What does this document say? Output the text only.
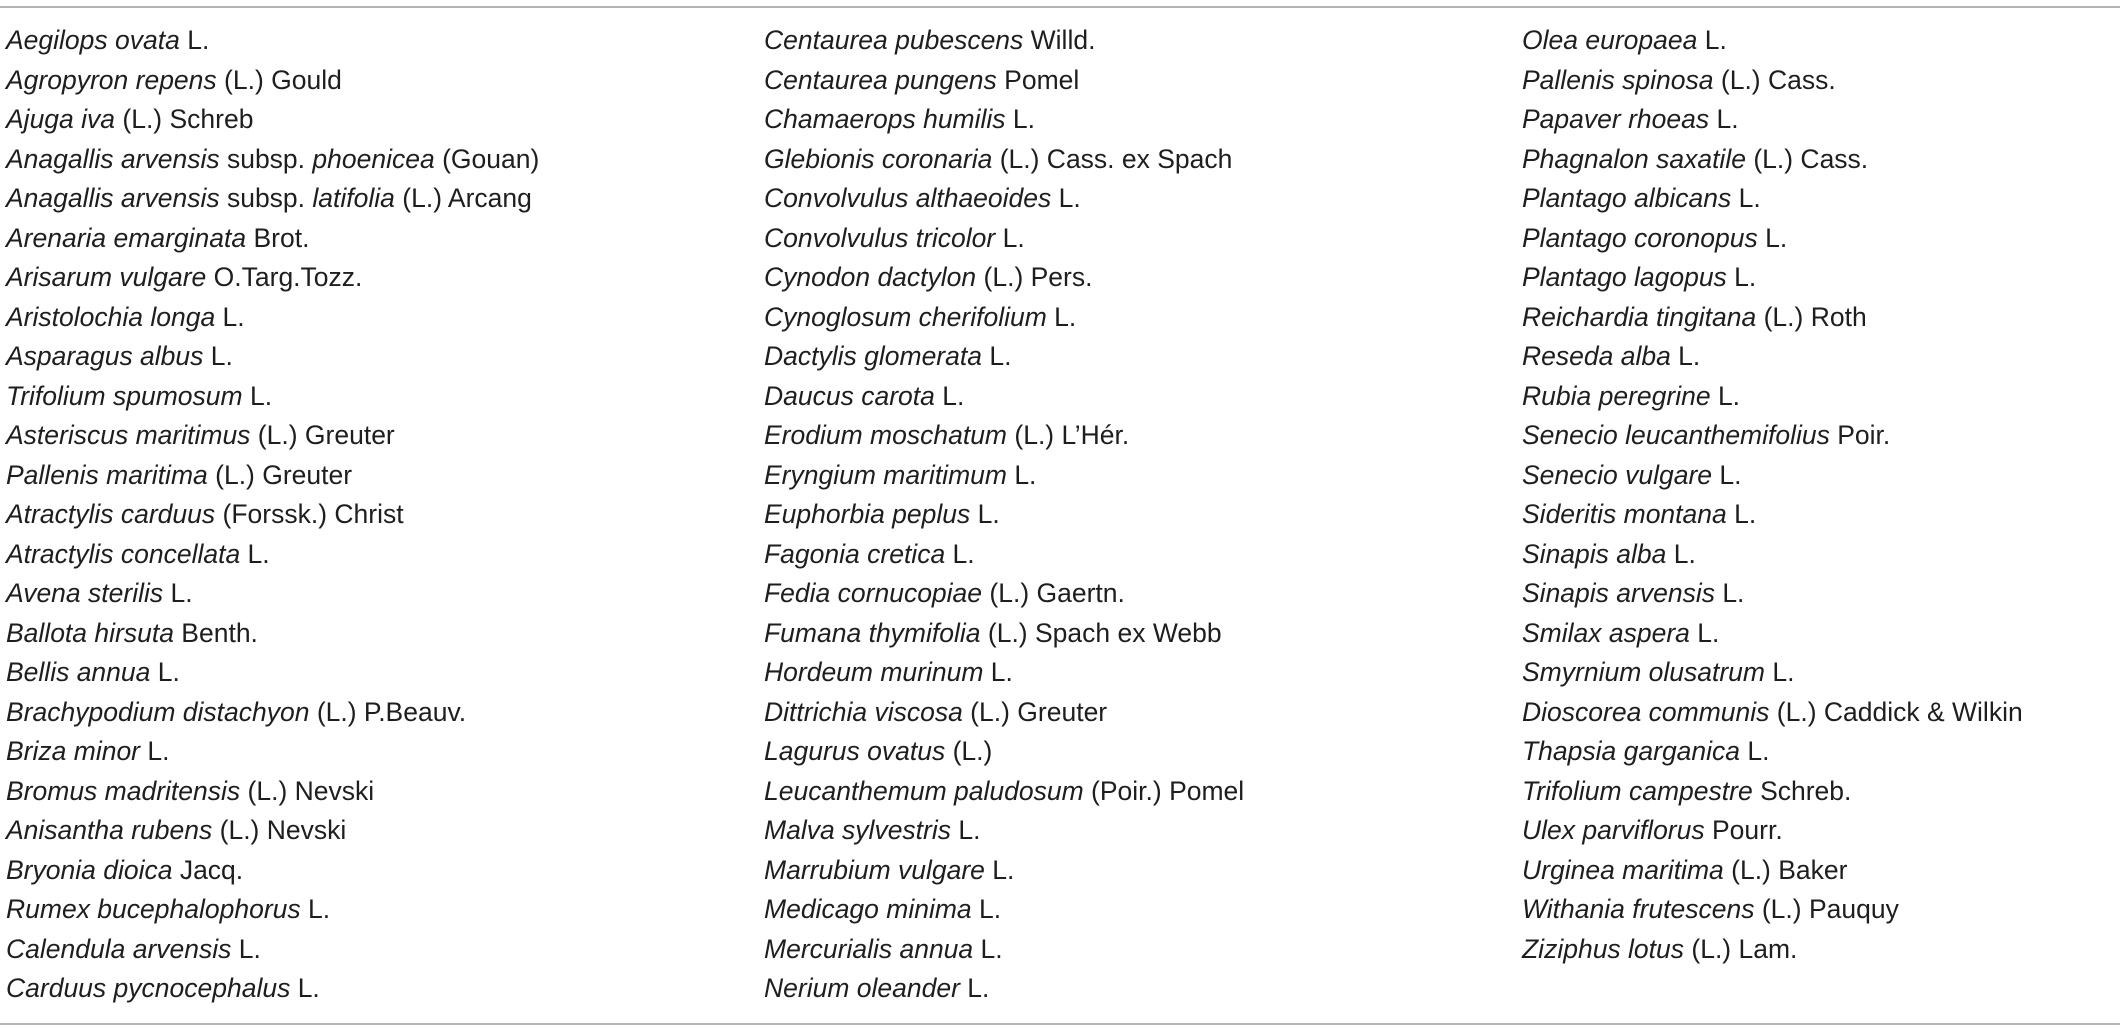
Aegilops ovata L.
Agropyron repens (L.) Gould
Ajuga iva (L.) Schreb
Anagallis arvensis subsp. phoenicea (Gouan)
Anagallis arvensis subsp. latifolia (L.) Arcang
Arenaria emarginata Brot.
Arisarum vulgare O.Targ.Tozz.
Aristolochia longa L.
Asparagus albus L.
Trifolium spumosum L.
Asteriscus maritimus (L.) Greuter
Pallenis maritima (L.) Greuter
Atractylis carduus (Forssk.) Christ
Atractylis concellata L.
Avena sterilis L.
Ballota hirsuta Benth.
Bellis annua L.
Brachypodium distachyon (L.) P.Beauv.
Briza minor L.
Bromus madritensis (L.) Nevski
Anisantha rubens (L.) Nevski
Bryonia dioica Jacq.
Rumex bucephalophorus L.
Calendula arvensis L.
Carduus pycnocephalus L.
Centaurea pubescens Willd.
Centaurea pungens Pomel
Chamaerops humilis L.
Glebionis coronaria (L.) Cass. ex Spach
Convolvulus althaeoides L.
Convolvulus tricolor L.
Cynodon dactylon (L.) Pers.
Cynoglosum cherifolium L.
Dactylis glomerata L.
Daucus carota L.
Erodium moschatum (L.) L’Hér.
Eryngium maritimum L.
Euphorbia peplus L.
Fagonia cretica L.
Fedia cornucopiae (L.) Gaertn.
Fumana thymifolia (L.) Spach ex Webb
Hordeum murinum L.
Dittrichia viscosa (L.) Greuter
Lagurus ovatus (L.)
Leucanthemum paludosum (Poir.) Pomel
Malva sylvestris L.
Marrubium vulgare L.
Medicago minima L.
Mercurialis annua L.
Nerium oleander L.
Olea europaea L.
Pallenis spinosa (L.) Cass.
Papaver rhoeas L.
Phagnalon saxatile (L.) Cass.
Plantago albicans L.
Plantago coronopus L.
Plantago lagopus L.
Reichardia tingitana (L.) Roth
Reseda alba L.
Rubia peregrine L.
Senecio leucanthemifolius Poir.
Senecio vulgare L.
Sideritis montana L.
Sinapis alba L.
Sinapis arvensis L.
Smilax aspera L.
Smyrnium olusatrum L.
Dioscorea communis (L.) Caddick & Wilkin
Thapsia garganica L.
Trifolium campestre Schreb.
Ulex parviflorus Pourr.
Urginea maritima (L.) Baker
Withania frutescens (L.) Pauquy
Ziziphus lotus (L.) Lam.
